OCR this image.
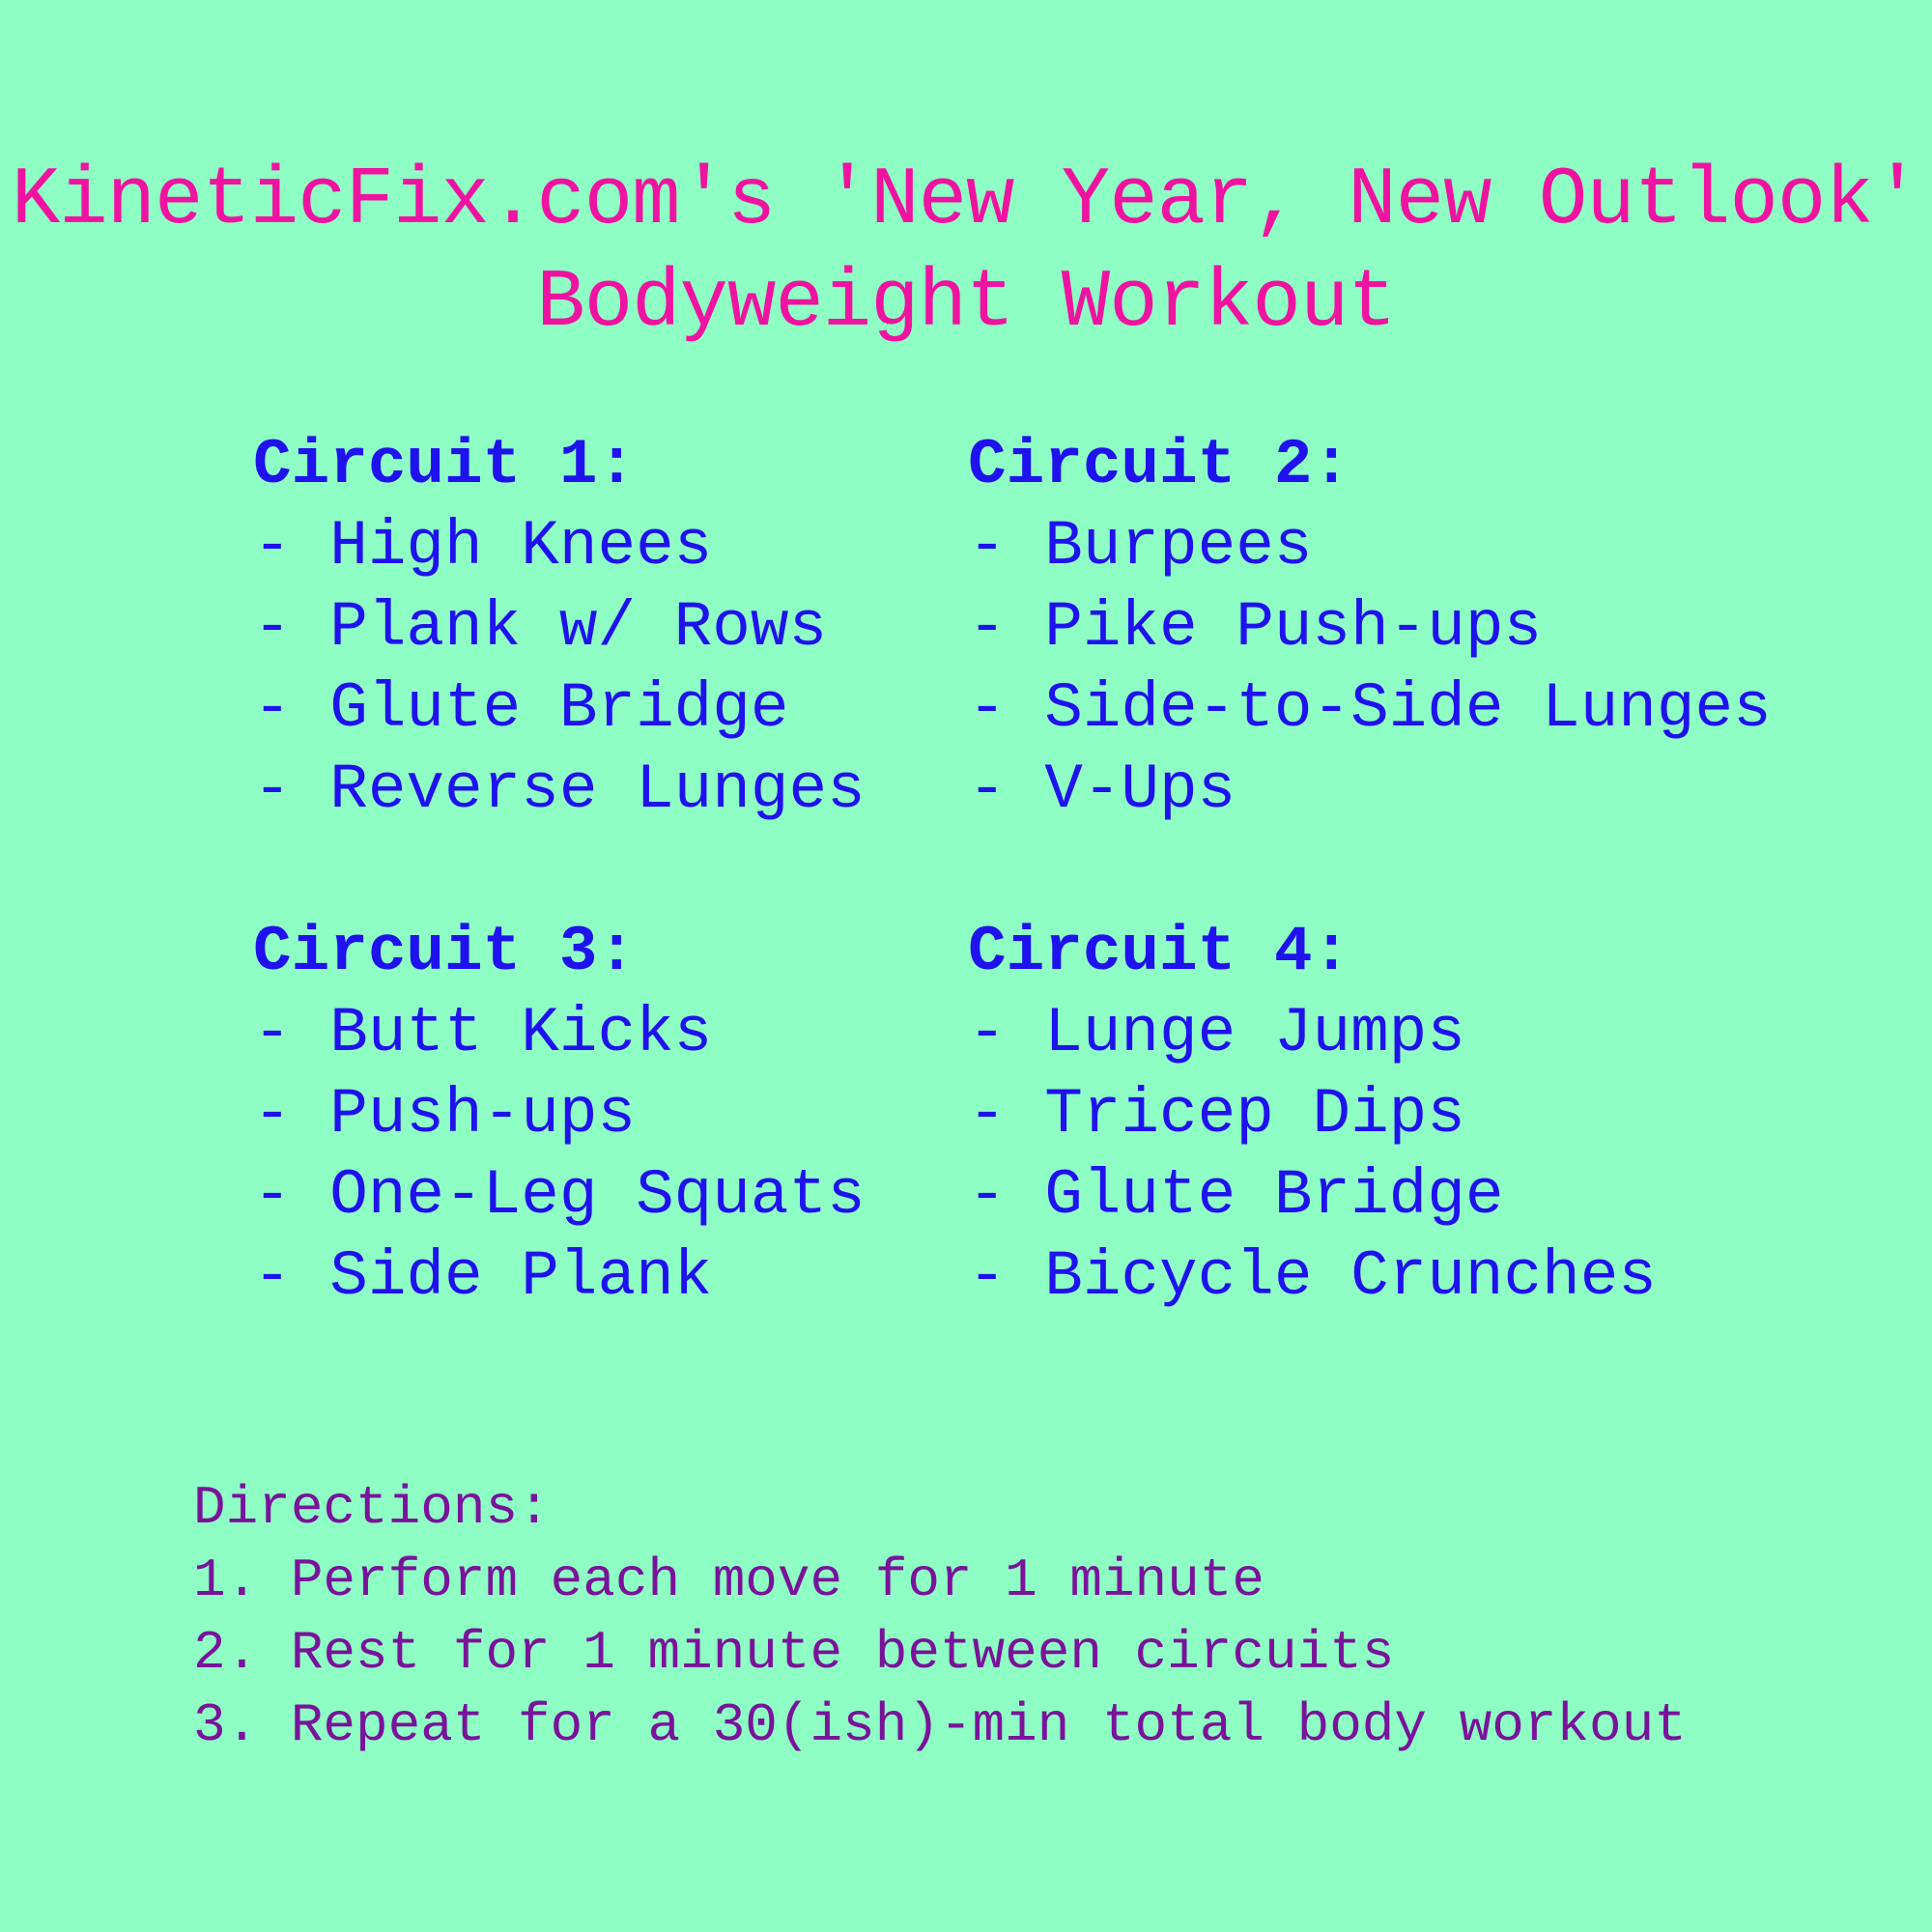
KineticFix.com's 'New Year, New Outlook'
Bodyweight Workout
Circuit 1:
- High Knees
- Plank w/ Rows
- Glute Bridge
- Reverse Lunges
Circuit 2:
- Burpees
- Pike Push-ups
- Side-to-Side Lunges
- V-Ups
Circuit 3:
- Butt Kicks
- Push-ups
- One-Leg Squats
- Side Plank
Circuit 4:
- Lunge Jumps
- Tricep Dips
- Glute Bridge
- Bicycle Crunches
Directions:
1. Perform each move for 1 minute
2. Rest for 1 minute between circuits
3. Repeat for a 30(ish)-min total body workout
